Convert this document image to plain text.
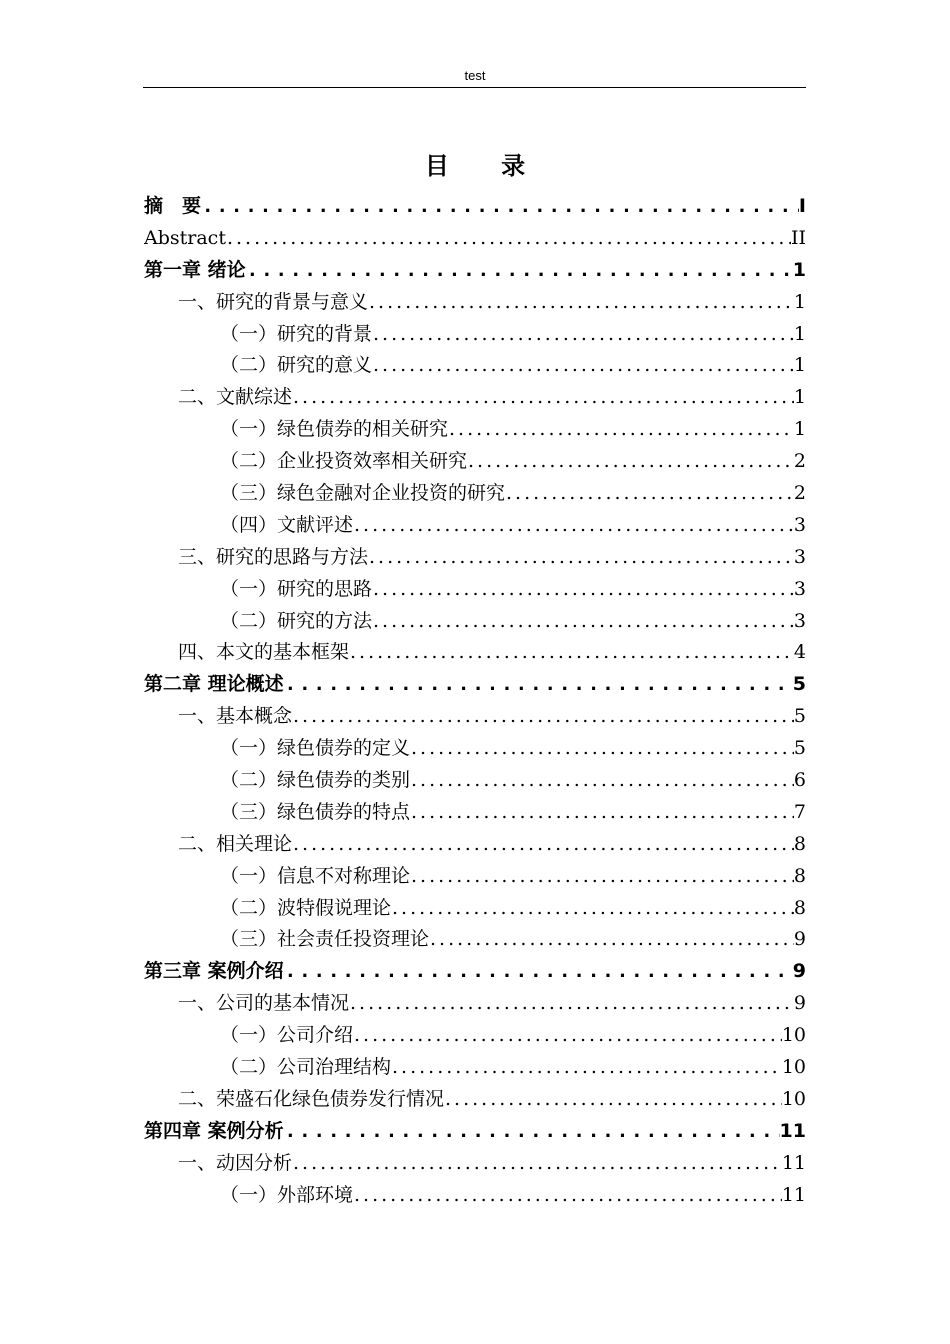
test
目 录
摘　要 .....	I
Abstract .....	II
第一章 绪论 .....	1
一、研究的背景与意义 .....	1
（一）研究的背景 .....	1
（二）研究的意义 .....	1
二、文献综述 .....	1
（一）绿色债券的相关研究 .....	1
（二）企业投资效率相关研究 .....	2
（三）绿色金融对企业投资的研究 .....	2
（四）文献评述 .....	3
三、研究的思路与方法 .....	3
（一）研究的思路 .....	3
（二）研究的方法 .....	3
四、本文的基本框架 .....	4
第二章 理论概述 .....	5
一、基本概念 .....	5
（一）绿色债券的定义 .....	5
（二）绿色债券的类别 .....	6
（三）绿色债券的特点 .....	7
二、相关理论 .....	8
（一）信息不对称理论 .....	8
（二）波特假说理论 .....	8
（三）社会责任投资理论 .....	9
第三章 案例介绍 .....	9
一、公司的基本情况 .....	9
（一）公司介绍 .....	10
（二）公司治理结构 .....	10
二、荣盛石化绿色债券发行情况 .....	10
第四章 案例分析 .....	11
一、动因分析 .....	11
（一）外部环境 .....	11
